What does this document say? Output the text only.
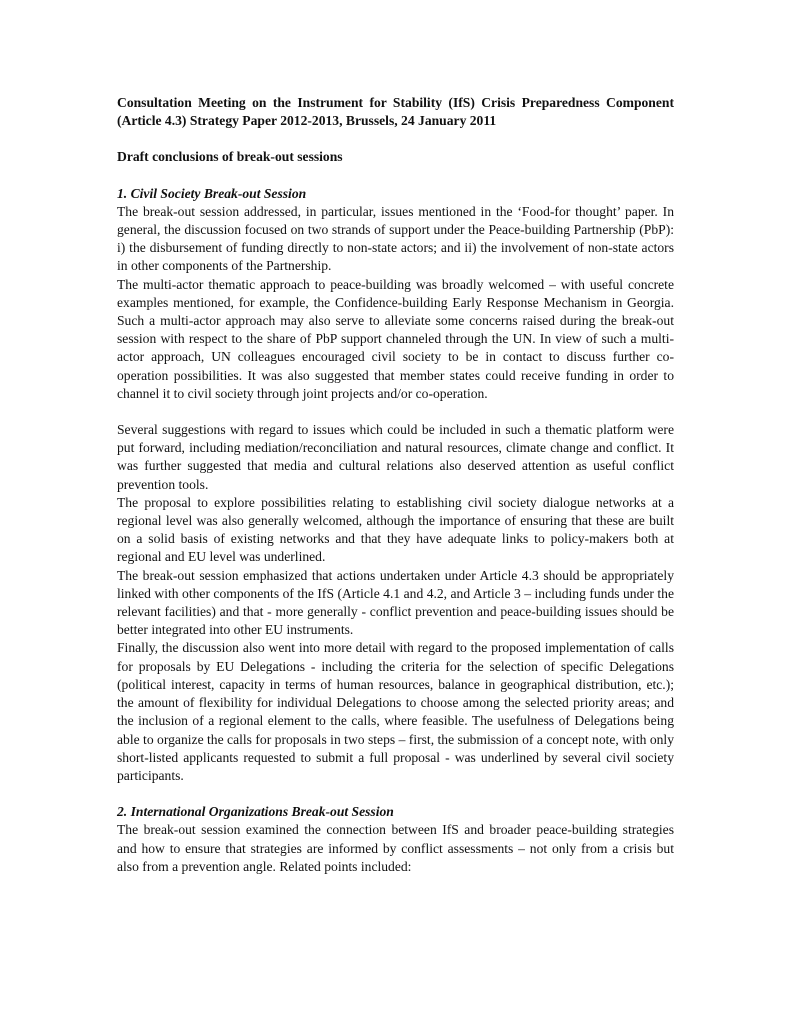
Consultation Meeting on the Instrument for Stability (IfS) Crisis Preparedness Component (Article 4.3) Strategy Paper 2012-2013, Brussels, 24 January 2011

Draft conclusions of break-out sessions

1. Civil Society Break-out Session

The break-out session addressed, in particular, issues mentioned in the ‘Food-for thought’ paper. In general, the discussion focused on two strands of support under the Peace-building Partnership (PbP): i) the disbursement of funding directly to non-state actors; and ii) the involvement of non-state actors in other components of the Partnership.

The multi-actor thematic approach to peace-building was broadly welcomed – with useful concrete examples mentioned, for example, the Confidence-building Early Response Mechanism in Georgia. Such a multi-actor approach may also serve to alleviate some concerns raised during the break-out session with respect to the share of PbP support channeled through the UN. In view of such a multi-actor approach, UN colleagues encouraged civil society to be in contact to discuss further co-operation possibilities. It was also suggested that member states could receive funding in order to channel it to civil society through joint projects and/or co-operation.

Several suggestions with regard to issues which could be included in such a thematic platform were put forward, including mediation/reconciliation and natural resources, climate change and conflict. It was further suggested that media and cultural relations also deserved attention as useful conflict prevention tools.

The proposal to explore possibilities relating to establishing civil society dialogue networks at a regional level was also generally welcomed, although the importance of ensuring that these are built on a solid basis of existing networks and that they have adequate links to policy-makers both at regional and EU level was underlined.

The break-out session emphasized that actions undertaken under Article 4.3 should be appropriately linked with other components of the IfS (Article 4.1 and 4.2, and Article 3 – including funds under the relevant facilities) and that - more generally - conflict prevention and peace-building issues should be better integrated into other EU instruments.

Finally, the discussion also went into more detail with regard to the proposed implementation of calls for proposals by EU Delegations - including the criteria for the selection of specific Delegations (political interest, capacity in terms of human resources, balance in geographical distribution, etc.); the amount of flexibility for individual Delegations to choose among the selected priority areas; and the inclusion of a regional element to the calls, where feasible. The usefulness of Delegations being able to organize the calls for proposals in two steps – first, the submission of a concept note, with only short-listed applicants requested to submit a full proposal - was underlined by several civil society participants.

2. International Organizations Break-out Session

The break-out session examined the connection between IfS and broader peace-building strategies and how to ensure that strategies are informed by conflict assessments – not only from a crisis but also from a prevention angle. Related points included:
